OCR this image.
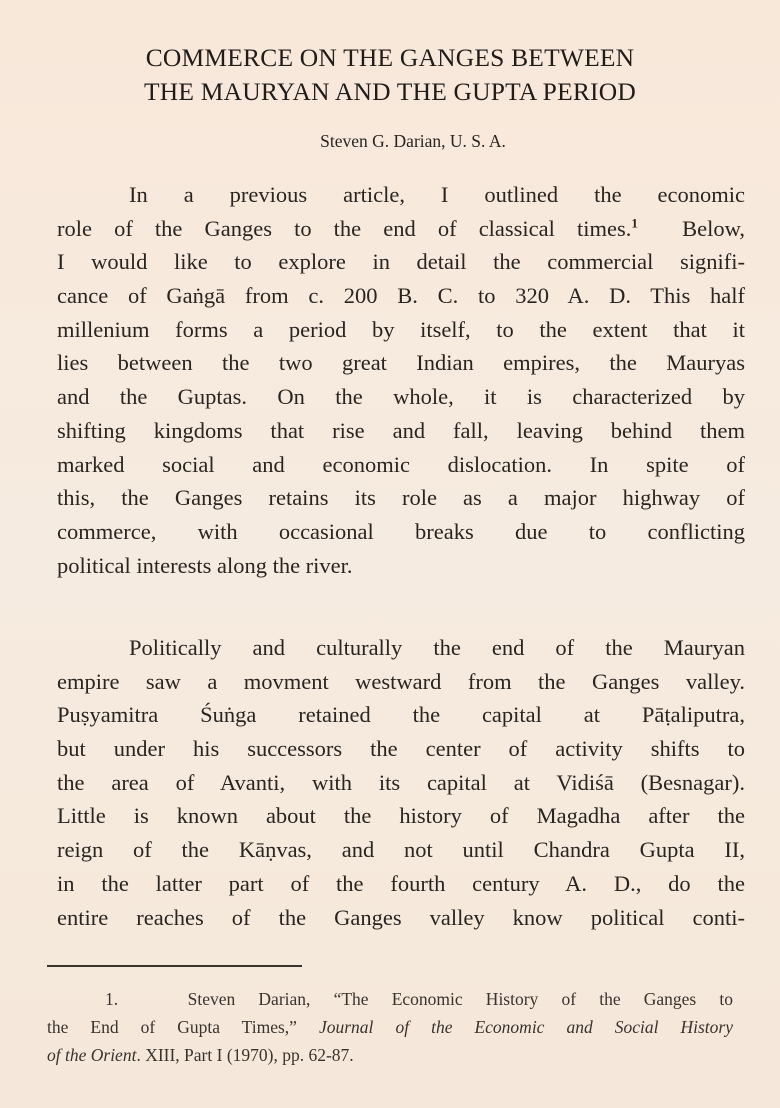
COMMERCE ON THE GANGES BETWEEN
THE MAURYAN AND THE GUPTA PERIOD
Steven G. Darian, U. S. A.
In a previous article, I outlined the economic
role of the Ganges to the end of classical times.$^1$ Below,
I would like to explore in detail the commercial signifi-
cance of Gaṅgā from c. 200 B. C. to 320 A. D. This half
millenium forms a period by itself, to the extent that it
lies between the two great Indian empires, the Mauryas
and the Guptas. On the whole, it is characterized by
shifting kingdoms that rise and fall, leaving behind them
marked social and economic dislocation. In spite of
this, the Ganges retains its role as a major highway of
commerce, with occasional breaks due to conflicting
political interests along the river.
Politically and culturally the end of the Mauryan
empire saw a movment westward from the Ganges valley.
Puṣyamitra Śuṅga retained the capital at Pāṭaliputra,
but under his successors the center of activity shifts to
the area of Avanti, with its capital at Vidiśā (Besnagar).
Little is known about the history of Magadha after the
reign of the Kāṇvas, and not until Chandra Gupta II,
in the latter part of the fourth century A. D., do the
entire reaches of the Ganges valley know political conti-
1.	Steven Darian, “The Economic History of the Ganges to
the End of Gupta Times,” Journal of the Economic and Social History
of the Orient. XIII, Part I (1970), pp. 62-87.
